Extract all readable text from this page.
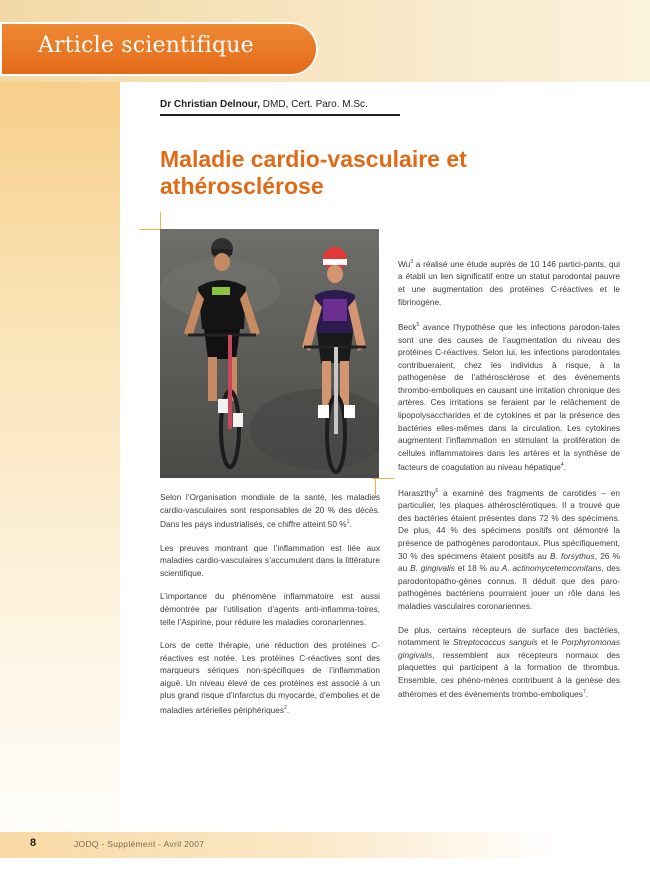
Article scientifique
Dr Christian Delnour, DMD, Cert. Paro. M.Sc.
Maladie cardio-vasculaire et
athérosclérose

Selon l’Organisation mondiale de la santé, les maladies cardio-vasculaires sont responsables de 20 % des décès. Dans les pays industrialisés, ce chiffre atteint 50 %$^1$.

Les preuves montrant que l’inflammation est liée aux maladies cardio-vasculaires s’accumulent dans la littérature scientifique.

L’importance du phénomène inflammatoire est aussi démontrée par l’utilisation d’agents anti-inflamma-toires, telle l’Aspirine, pour réduire les maladies coronariennes.

Lors de cette thérapie, une réduction des protéines C-réactives est notée. Les protéines C-réactives sont des marqueurs sériques non-spécifiques de l’inflammation aiguë. Un niveau élevé de ces protéines est associé à un plus grand risque d’infarctus du myocarde, d’embolies et de maladies artérielles périphériques$^2$.

Wu$^3$ a réalisé une étude auprès de 10 146 partici-pants, qui a établi un lien significatif entre un statut parodontal pauvre et une augmentation des protéines C-réactives et le fibrinogène.

Beck$^5$ avance l’hypothèse que les infections parodon-tales sont une des causes de l’augmentation du niveau des protéines C-réactives. Selon lui, les infections parodontales contribueraient, chez les individus à risque, à la pathogenèse de l’athérosclérose et des événements thrombo-emboliques en causant une irritation chronique des artères. Ces irritations se feraient par le relâchement de lipopolysaccharides et de cytokines et par la présence des bactéries elles-mêmes dans la circulation. Les cytokines augmentent l’inflammation en stimulant la prolifération de cellules inflammatoires dans les artères et la synthèse de facteurs de coagulation au niveau hépatique$^4$.

Haraszthy$^6$ a examiné des fragments de carotides – en particulier, les plaques athérosclérotiques. Il a trouvé que des bactéries étaient présentes dans 72 % des spécimens. De plus, 44 % des spécimens positifs ont démontré la présence de pathogènes parodontaux. Plus spécifiquement, 30 % des spécimens étaient positifs au B. forsythus, 26 % au B. gingivalis et 18 % au A. actinomycetemcomitans, des parodontopatho-gènes connus. Il déduit que des paro-pathogènes bactériens pourraient jouer un rôle dans les maladies vasculaires coronariennes.

De plus, certains récepteurs de surface des bactéries, notamment le Streptococcus sanguis et le Porphyromonas gingivalis, ressemblent aux récepteurs normaux des plaquettes qui participent à la formation de thrombus. Ensemble, ces phéno-mènes contribuent à la genèse des athéromes et des événements trombo-emboliques$^7$.

8	JODQ - Supplément - Avril 2007
